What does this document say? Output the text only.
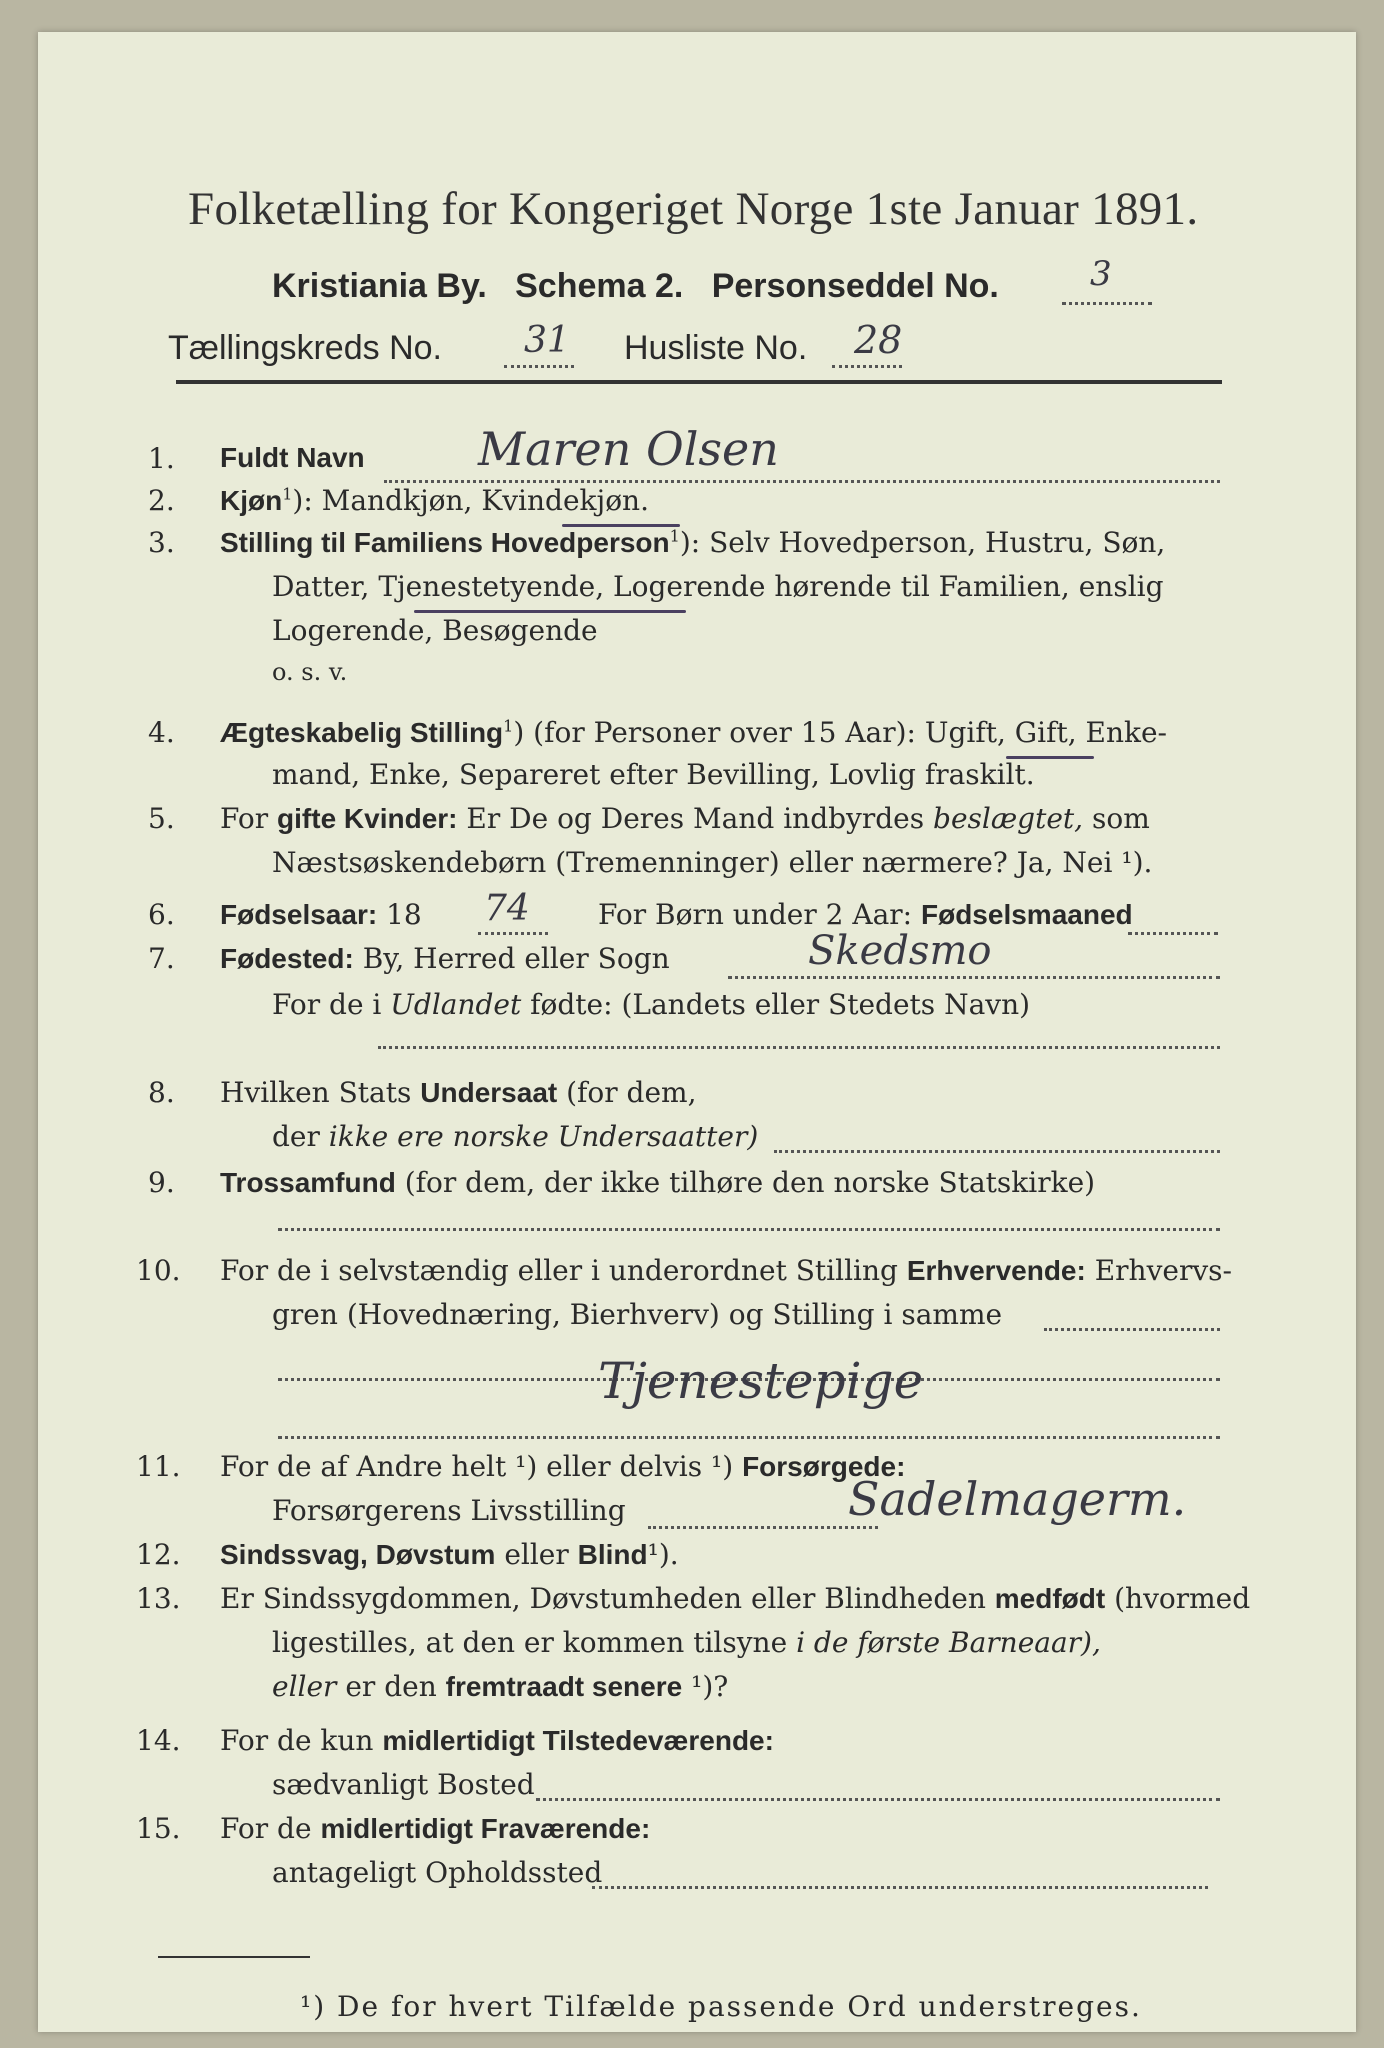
Folketælling for Kongeriget Norge 1ste Januar 1891.
Kristiania By. Schema 2. Personseddel No.	3
Tællingskreds No. 31 Husliste No. 28
1. Fuldt Navn Maren Olsen
2. Kjøn$^1$): Mandkjøn, Kvindekjøn.
3. Stilling til Familiens Hovedperson$^1$): Selv Hovedperson, Hustru, Søn,
Datter, Tjenestetyende, Logerende hørende til Familien, enslig
Logerende, Besøgende
o. s. v.
4. Ægteskabelig Stilling$^1$) (for Personer over 15 Aar): Ugift, Gift, Enke-
mand, Enke, Separeret efter Bevilling, Lovlig fraskilt.
5. For gifte Kvinder: Er De og Deres Mand indbyrdes beslægtet, som
Næstsøskendebørn (Tremenninger) eller nærmere? Ja, Nei ¹).
6. Fødselsaar: 18 74 For Børn under 2 Aar: Fødselsmaaned
7. Fødested: By, Herred eller Sogn	Skedsmo
For de i Udlandet fødte: (Landets eller Stedets Navn)
8. Hvilken Stats Undersaat (for dem,
der ikke ere norske Undersaatter)
9. Trossamfund (for dem, der ikke tilhøre den norske Statskirke)
10. For de i selvstændig eller i underordnet Stilling Erhvervende: Erhvervs-
gren (Hovednæring, Bierhverv) og Stilling i samme
Tjenestepige
11. For de af Andre helt ¹) eller delvis ¹) Forsørgede:
Forsørgerens Livsstilling	Sadelmagerm.
12. Sindssvag, Døvstum eller Blind¹).
13. Er Sindssygdommen, Døvstumheden eller Blindheden medfødt (hvormed
ligestilles, at den er kommen tilsyne i de første Barneaar),
eller er den fremtraadt senere ¹)?
14. For de kun midlertidigt Tilstedeværende:
sædvanligt Bosted
15. For de midlertidigt Fraværende:
antageligt Opholdssted
¹) De for hvert Tilfælde passende Ord understreges.
